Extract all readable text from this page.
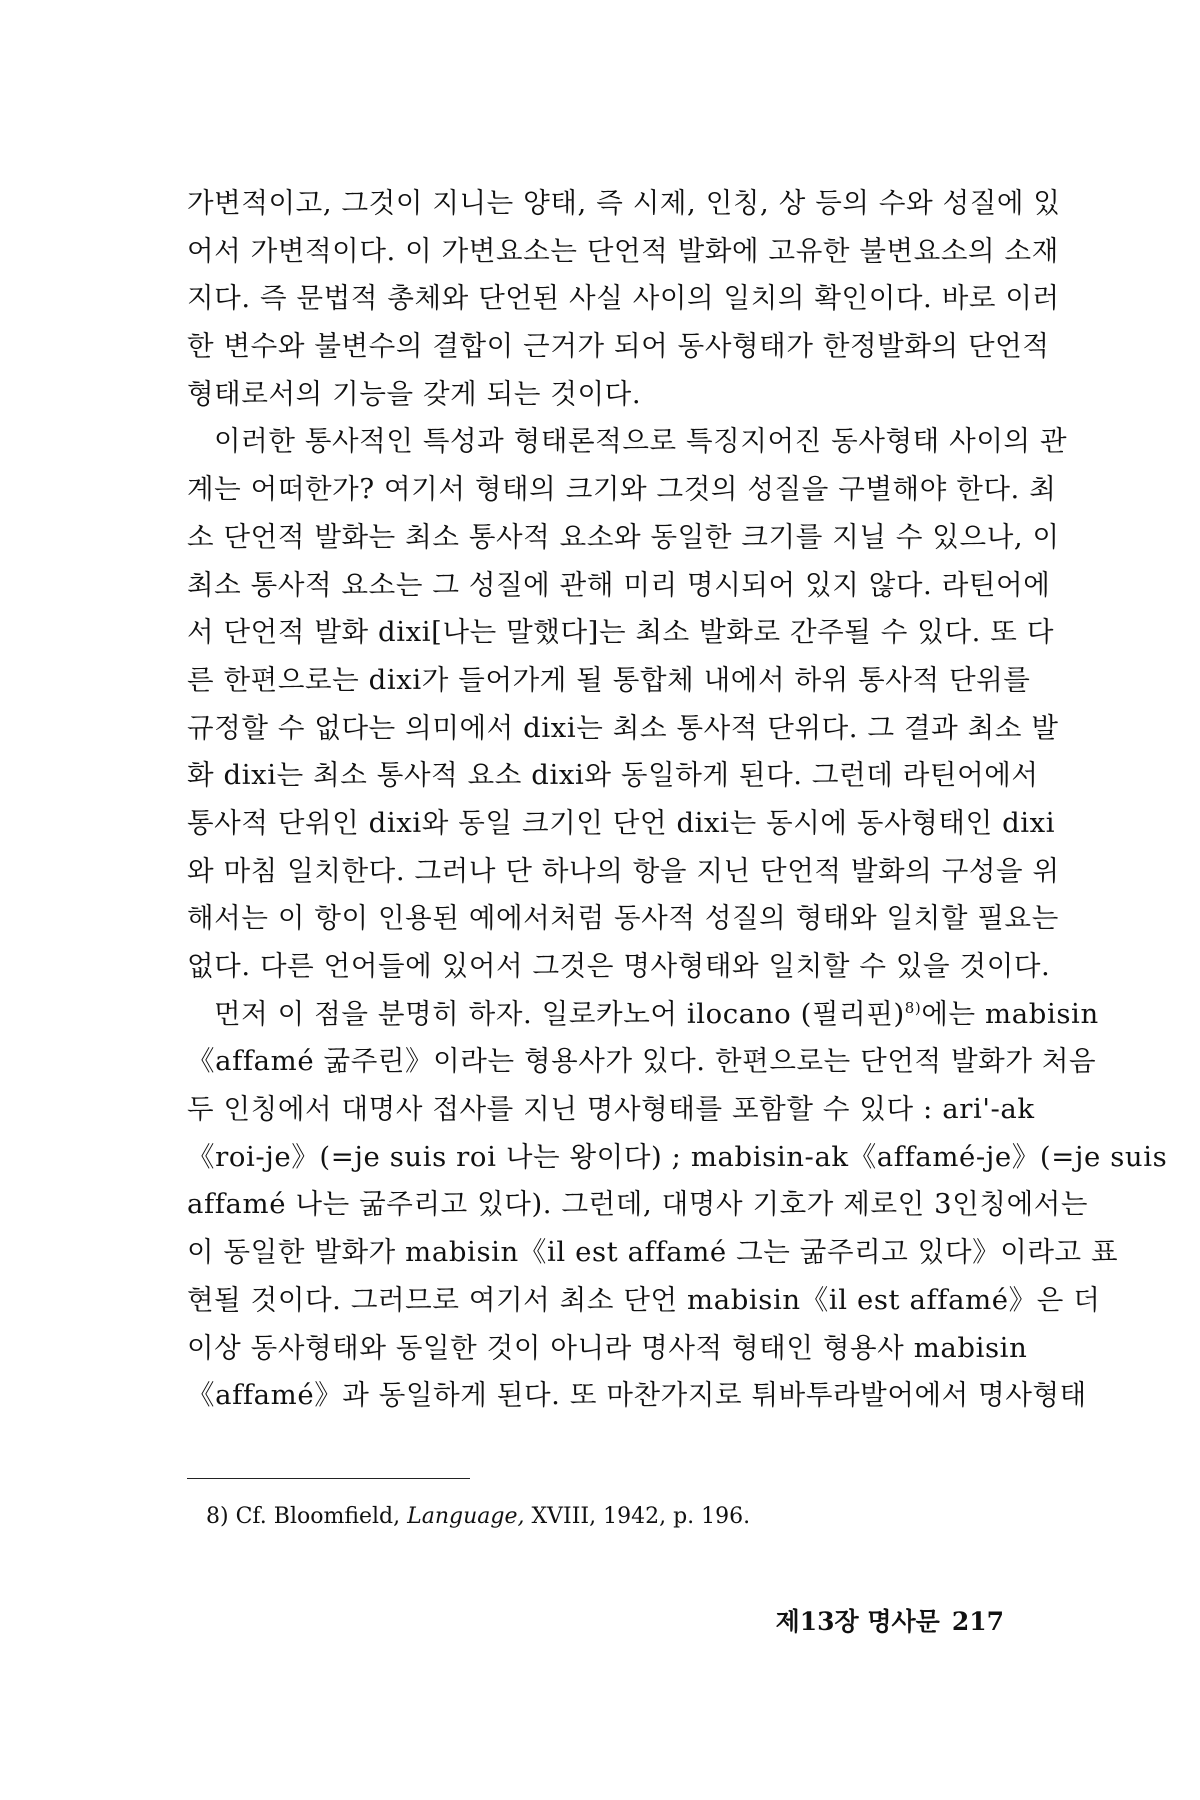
가변적이고, 그것이 지니는 양태, 즉 시제, 인칭, 상 등의 수와 성질에 있
어서 가변적이다. 이 가변요소는 단언적 발화에 고유한 불변요소의 소재
지다. 즉 문법적 총체와 단언된 사실 사이의 일치의 확인이다. 바로 이러
한 변수와 불변수의 결합이 근거가 되어 동사형태가 한정발화의 단언적
형태로서의 기능을 갖게 되는 것이다.
이러한 통사적인 특성과 형태론적으로 특징지어진 동사형태 사이의 관
계는 어떠한가? 여기서 형태의 크기와 그것의 성질을 구별해야 한다. 최
소 단언적 발화는 최소 통사적 요소와 동일한 크기를 지닐 수 있으나, 이
최소 통사적 요소는 그 성질에 관해 미리 명시되어 있지 않다. 라틴어에
서 단언적 발화 dixi[나는 말했다]는 최소 발화로 간주될 수 있다. 또 다
른 한편으로는 dixi가 들어가게 될 통합체 내에서 하위 통사적 단위를
규정할 수 없다는 의미에서 dixi는 최소 통사적 단위다. 그 결과 최소 발
화 dixi는 최소 통사적 요소 dixi와 동일하게 된다. 그런데 라틴어에서
통사적 단위인 dixi와 동일 크기인 단언 dixi는 동시에 동사형태인 dixi
와 마침 일치한다. 그러나 단 하나의 항을 지닌 단언적 발화의 구성을 위
해서는 이 항이 인용된 예에서처럼 동사적 성질의 형태와 일치할 필요는
없다. 다른 언어들에 있어서 그것은 명사형태와 일치할 수 있을 것이다.
먼저 이 점을 분명히 하자. 일로카노어 ilocano (필리핀)$^{8)}$에는 mabisin
《affamé 굶주린》이라는 형용사가 있다. 한편으로는 단언적 발화가 처음
두 인칭에서 대명사 접사를 지닌 명사형태를 포함할 수 있다 : ari'-ak
《roi-je》(=je suis roi 나는 왕이다) ; mabisin-ak《affamé-je》(=je suis
affamé 나는 굶주리고 있다). 그런데, 대명사 기호가 제로인 3인칭에서는
이 동일한 발화가 mabisin《il est affamé 그는 굶주리고 있다》이라고 표
현될 것이다. 그러므로 여기서 최소 단언 mabisin《il est affamé》은 더
이상 동사형태와 동일한 것이 아니라 명사적 형태인 형용사 mabisin
《affamé》과 동일하게 된다. 또 마찬가지로 튀바투라발어에서 명사형태
8) Cf. Bloomfield, Language, XVIII, 1942, p. 196.
제13장 명사문 217
